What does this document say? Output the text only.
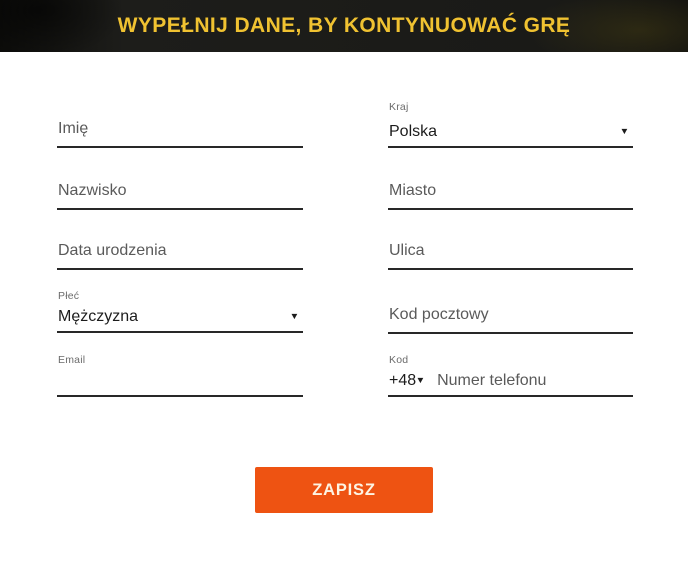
WYPEŁNIJ DANE, BY KONTYNUOWAĆ GRĘ
Imię
Nazwisko
Data urodzenia
Płeć
Mężczyzna	▼
Email
Kraj
Polska	▼
Miasto
Ulica
Kod pocztowy
Kod
+48 ▼
Numer telefonu
ZAPISZ
